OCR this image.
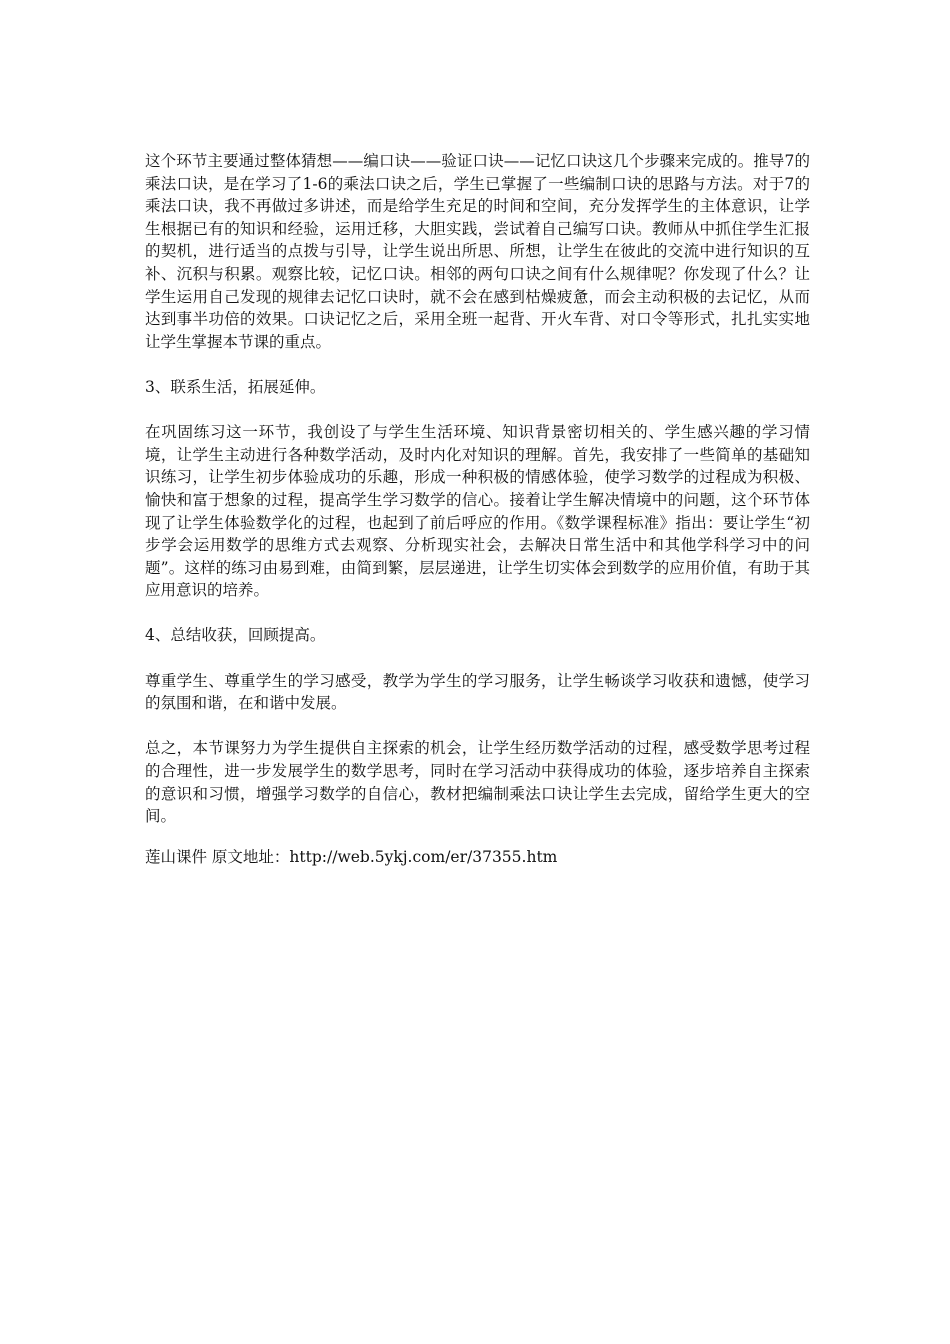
这个环节主要通过整体猜想——编口诀——验证口诀——记忆口诀这几个步骤来完成的。推导7的乘法口诀，是在学习了1-6的乘法口诀之后，学生已掌握了一些编制口诀的思路与方法。对于7的乘法口诀，我不再做过多讲述，而是给学生充足的时间和空间，充分发挥学生的主体意识，让学生根据已有的知识和经验，运用迁移，大胆实践，尝试着自己编写口诀。教师从中抓住学生汇报的契机，进行适当的点拨与引导，让学生说出所思、所想，让学生在彼此的交流中进行知识的互补、沉积与积累。观察比较，记忆口诀。相邻的两句口诀之间有什么规律呢？你发现了什么？让学生运用自己发现的规律去记忆口诀时，就不会在感到枯燥疲惫，而会主动积极的去记忆，从而达到事半功倍的效果。口诀记忆之后，采用全班一起背、开火车背、对口令等形式，扎扎实实地让学生掌握本节课的重点。

3、联系生活，拓展延伸。

在巩固练习这一环节，我创设了与学生生活环境、知识背景密切相关的、学生感兴趣的学习情境，让学生主动进行各种数学活动，及时内化对知识的理解。首先，我安排了一些简单的基础知识练习，让学生初步体验成功的乐趣，形成一种积极的情感体验，使学习数学的过程成为积极、愉快和富于想象的过程，提高学生学习数学的信心。接着让学生解决情境中的问题，这个环节体现了让学生体验数学化的过程，也起到了前后呼应的作用。《数学课程标准》指出：要让学生“初步学会运用数学的思维方式去观察、分析现实社会，去解决日常生活中和其他学科学习中的问题”。这样的练习由易到难，由简到繁，层层递进，让学生切实体会到数学的应用价值，有助于其应用意识的培养。

4、总结收获，回顾提高。

尊重学生、尊重学生的学习感受，教学为学生的学习服务，让学生畅谈学习收获和遗憾，使学习的氛围和谐，在和谐中发展。

总之，本节课努力为学生提供自主探索的机会，让学生经历数学活动的过程，感受数学思考过程的合理性，进一步发展学生的数学思考，同时在学习活动中获得成功的体验，逐步培养自主探索的意识和习惯，增强学习数学的自信心，教材把编制乘法口诀让学生去完成，留给学生更大的空间。

莲山课件 原文地址：http://web.5ykj.com/er/37355.htm
